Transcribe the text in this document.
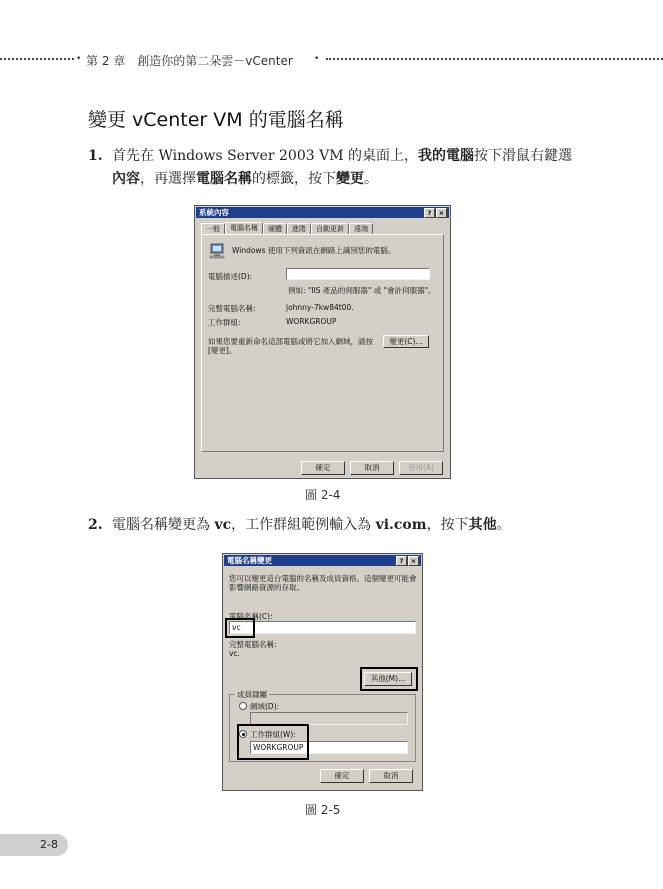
• 第 2 章　創造你的第二朵雲－vCenter •
變更 vCenter VM 的電腦名稱
1. 首先在 Windows Server 2003 VM 的桌面上，我的電腦按下滑鼠右鍵選
內容，再選擇電腦名稱的標籤，按下變更。
系統內容	?	×
一般	電腦名稱	硬體	進階	自動更新	遠端
Windows 使用下列資訊在網路上識別您的電腦。
電腦描述(D):
例如: "IIS 產品的伺服器" 或 "會計伺服器"。
完整電腦名稱:	johnny-7kw84t00.
工作群組:	WORKGROUP
如果您要重新命名這部電腦或將它加入網域，請按
[變更]。
變更(C)...
確定	取消	套用(A)
圖 2-4
2. 電腦名稱變更為 vc，工作群組範例輸入為 vi.com，按下其他。
電腦名稱變更	?	×
您可以變更這台電腦的名稱及成員資格。這個變更可能會
影響網路資源的存取。
電腦名稱(C):
vc
完整電腦名稱:
vc.
其他(M)...
成員隸屬
網域(D):
工作群組(W):
WORKGROUP
確定	取消
圖 2-5
2-8
